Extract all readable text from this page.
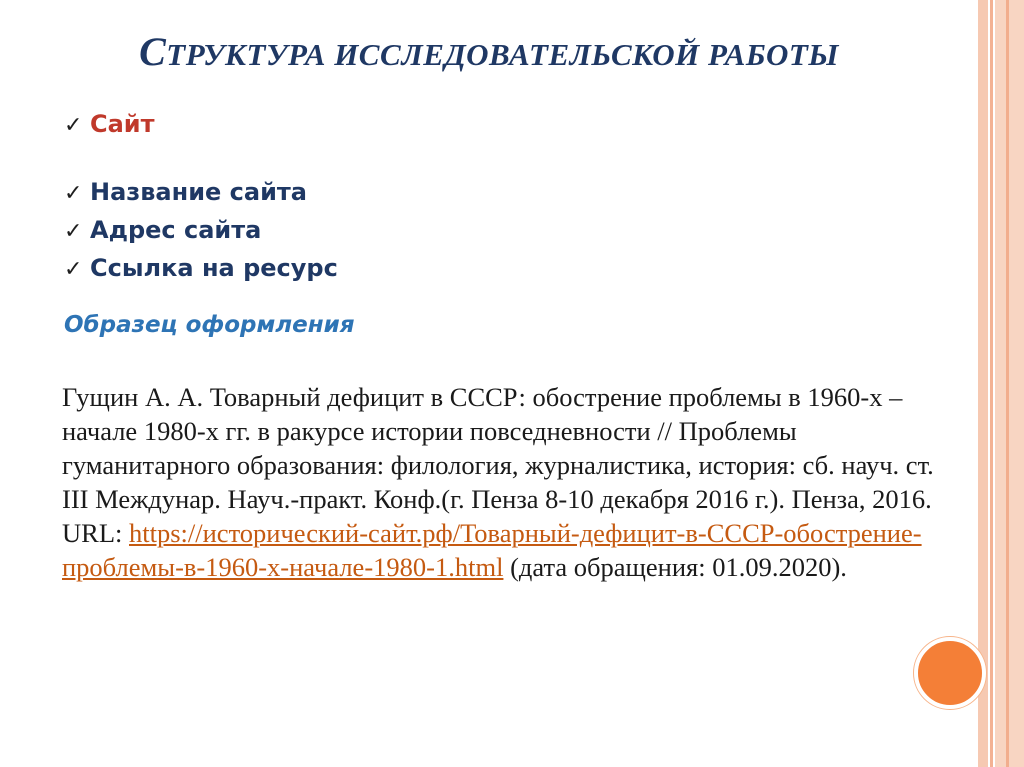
СТРУКТУРА ИССЛЕДОВАТЕЛЬСКОЙ РАБОТЫ
✓ Сайт
✓ Название сайта
✓ Адрес сайта
✓ Ссылка на ресурс
Образец оформления
Гущин А. А. Товарный дефицит в СССР: обострение проблемы в 1960-х – начале 1980-х гг. в ракурсе истории повседневности // Проблемы гуманитарного образования: филология, журналистика, история: сб. науч. ст. III Междунар. Науч.-практ. Конф.(г. Пенза 8-10 декабря 2016 г.). Пенза, 2016. URL: https://исторический-сайт.рф/Товарный-дефицит-в-СССР-обострение-проблемы-в-1960-х-начале-1980-1.html (дата обращения: 01.09.2020).
